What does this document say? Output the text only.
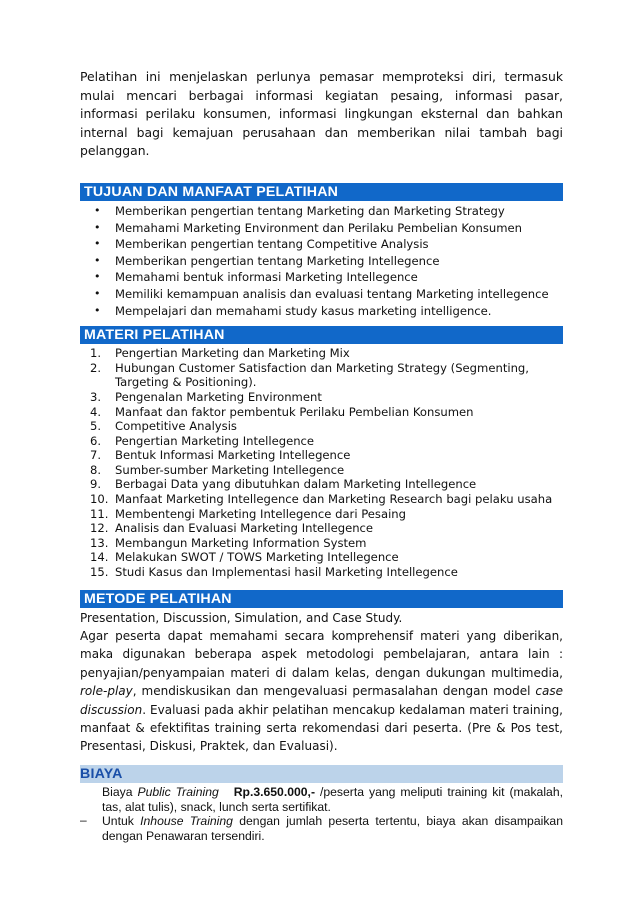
Pelatihan ini menjelaskan perlunya pemasar memproteksi diri, termasuk mulai mencari berbagai informasi kegiatan pesaing, informasi pasar, informasi perilaku konsumen, informasi lingkungan eksternal dan bahkan internal bagi kemajuan perusahaan dan memberikan nilai tambah bagi pelanggan.

TUJUAN DAN MANFAAT PELATIHAN
• Memberikan pengertian tentang Marketing dan Marketing Strategy
• Memahami Marketing Environment dan Perilaku Pembelian Konsumen
• Memberikan pengertian tentang Competitive Analysis
• Memberikan pengertian tentang Marketing Intellegence
• Memahami bentuk informasi Marketing Intellegence
• Memiliki kemampuan analisis dan evaluasi tentang Marketing intellegence
• Mempelajari dan memahami study kasus marketing intelligence.
MATERI PELATIHAN
1.	Pengertian Marketing dan Marketing Mix
2.	Hubungan Customer Satisfaction dan Marketing Strategy (Segmenting, Targeting & Positioning).
3.	Pengenalan Marketing Environment
4.	Manfaat dan faktor pembentuk Perilaku Pembelian Konsumen
5.	Competitive Analysis
6.	Pengertian Marketing Intellegence
7.	Bentuk Informasi Marketing Intellegence
8.	Sumber-sumber Marketing Intellegence
9.	Berbagai Data yang dibutuhkan dalam Marketing Intellegence
10. Manfaat Marketing Intellegence dan Marketing Research bagi pelaku usaha
11. Membentengi Marketing Intellegence dari Pesaing
12. Analisis dan Evaluasi Marketing Intellegence
13. Membangun Marketing Information System
14. Melakukan SWOT / TOWS Marketing Intellegence
15. Studi Kasus dan Implementasi hasil Marketing Intellegence
METODE PELATIHAN
Presentation, Discussion, Simulation, and Case Study.
Agar peserta dapat memahami secara komprehensif materi yang diberikan, maka digunakan beberapa aspek metodologi pembelajaran, antara lain : penyajian/penyampaian materi di dalam kelas, dengan dukungan multimedia, role-play, mendiskusikan dan mengevaluasi permasalahan dengan model case discussion. Evaluasi pada akhir pelatihan mencakup kedalaman materi training, manfaat & efektifitas training serta rekomendasi dari peserta. (Pre & Pos test, Presentasi, Diskusi, Praktek, dan Evaluasi).
BIAYA
–
Biaya Public Training Rp.3.650.000,- /peserta yang meliputi training kit (makalah, tas, alat tulis), snack, lunch serta sertifikat.
Untuk Inhouse Training dengan jumlah peserta tertentu, biaya akan disampaikan dengan Penawaran tersendiri.
